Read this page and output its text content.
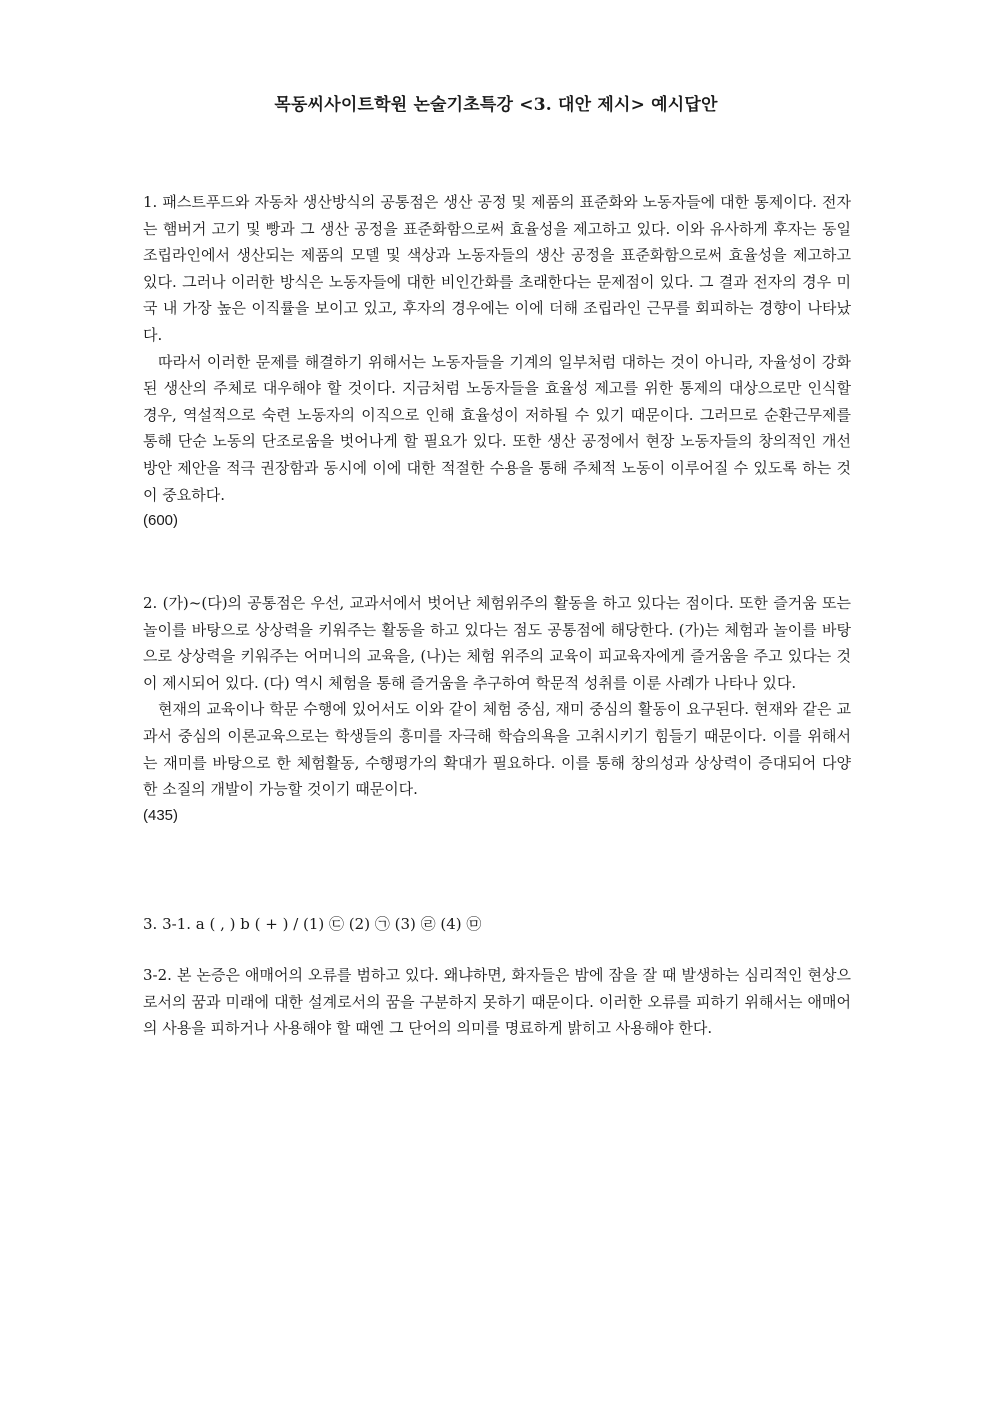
목동씨사이트학원 논술기초특강 <3. 대안 제시> 예시답안

1. 패스트푸드와 자동차 생산방식의 공통점은 생산 공정 및 제품의 표준화와 노동자들에 대한 통제이다. 전자는 햄버거 고기 및 빵과 그 생산 공정을 표준화함으로써 효율성을 제고하고 있다. 이와 유사하게 후자는 동일 조립라인에서 생산되는 제품의 모델 및 색상과 노동자들의 생산 공정을 표준화함으로써 효율성을 제고하고 있다. 그러나 이러한 방식은 노동자들에 대한 비인간화를 초래한다는 문제점이 있다. 그 결과 전자의 경우 미국 내 가장 높은 이직률을 보이고 있고, 후자의 경우에는 이에 더해 조립라인 근무를 회피하는 경향이 나타났다.

따라서 이러한 문제를 해결하기 위해서는 노동자들을 기계의 일부처럼 대하는 것이 아니라, 자율성이 강화된 생산의 주체로 대우해야 할 것이다. 지금처럼 노동자들을 효율성 제고를 위한 통제의 대상으로만 인식할 경우, 역설적으로 숙련 노동자의 이직으로 인해 효율성이 저하될 수 있기 때문이다. 그러므로 순환근무제를 통해 단순 노동의 단조로움을 벗어나게 할 필요가 있다. 또한 생산 공정에서 현장 노동자들의 창의적인 개선방안 제안을 적극 권장함과 동시에 이에 대한 적절한 수용을 통해 주체적 노동이 이루어질 수 있도록 하는 것이 중요하다.

(600)

2. (가)~(다)의 공통점은 우선, 교과서에서 벗어난 체험위주의 활동을 하고 있다는 점이다. 또한 즐거움 또는 놀이를 바탕으로 상상력을 키워주는 활동을 하고 있다는 점도 공통점에 해당한다. (가)는 체험과 놀이를 바탕으로 상상력을 키워주는 어머니의 교육을, (나)는 체험 위주의 교육이 피교육자에게 즐거움을 주고 있다는 것이 제시되어 있다. (다) 역시 체험을 통해 즐거움을 추구하여 학문적 성취를 이룬 사례가 나타나 있다.

현재의 교육이나 학문 수행에 있어서도 이와 같이 체험 중심, 재미 중심의 활동이 요구된다. 현재와 같은 교과서 중심의 이론교육으로는 학생들의 흥미를 자극해 학습의욕을 고취시키기 힘들기 때문이다. 이를 위해서는 재미를 바탕으로 한 체험활동, 수행평가의 확대가 필요하다. 이를 통해 창의성과 상상력이 증대되어 다양한 소질의 개발이 가능할 것이기 때문이다.

(435)

3. 3-1. a ( , ) b ( + ) / (1) ㉢ (2) ㉠ (3) ㉣ (4) ㉤

3-2. 본 논증은 애매어의 오류를 범하고 있다. 왜냐하면, 화자들은 밤에 잠을 잘 때 발생하는 심리적인 현상으로서의 꿈과 미래에 대한 설계로서의 꿈을 구분하지 못하기 때문이다. 이러한 오류를 피하기 위해서는 애매어의 사용을 피하거나 사용해야 할 때엔 그 단어의 의미를 명료하게 밝히고 사용해야 한다.
